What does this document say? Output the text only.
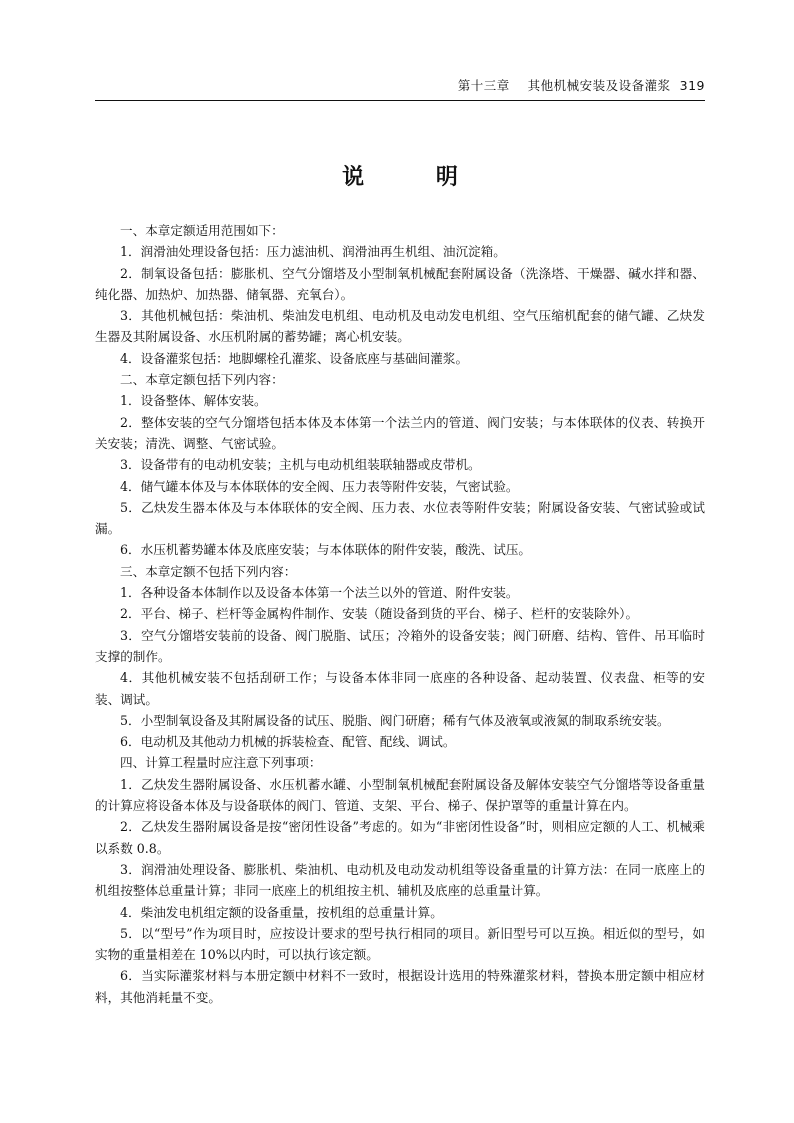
第十三章 其他机械安装及设备灌浆 319
说 明

一、本章定额适用范围如下：

1．润滑油处理设备包括：压力滤油机、润滑油再生机组、油沉淀箱。

2．制氧设备包括：膨胀机、空气分馏塔及小型制氧机械配套附属设备（洗涤塔、干燥器、碱水拌和器、纯化器、加热炉、加热器、储氧器、充氧台）。

3．其他机械包括：柴油机、柴油发电机组、电动机及电动发电机组、空气压缩机配套的储气罐、乙炔发生器及其附属设备、水压机附属的蓄势罐；离心机安装。

4．设备灌浆包括：地脚螺栓孔灌浆、设备底座与基础间灌浆。

二、本章定额包括下列内容：

1．设备整体、解体安装。

2．整体安装的空气分馏塔包括本体及本体第一个法兰内的管道、阀门安装；与本体联体的仪表、转换开关安装；清洗、调整、气密试验。

3．设备带有的电动机安装；主机与电动机组装联轴器或皮带机。

4．储气罐本体及与本体联体的安全阀、压力表等附件安装，气密试验。

5．乙炔发生器本体及与本体联体的安全阀、压力表、水位表等附件安装；附属设备安装、气密试验或试漏。

6．水压机蓄势罐本体及底座安装；与本体联体的附件安装，酸洗、试压。

三、本章定额不包括下列内容：

1．各种设备本体制作以及设备本体第一个法兰以外的管道、附件安装。

2．平台、梯子、栏杆等金属构件制作、安装（随设备到货的平台、梯子、栏杆的安装除外）。

3．空气分馏塔安装前的设备、阀门脱脂、试压；冷箱外的设备安装；阀门研磨、结构、管件、吊耳临时支撑的制作。

4．其他机械安装不包括刮研工作；与设备本体非同一底座的各种设备、起动装置、仪表盘、柜等的安装、调试。

5．小型制氧设备及其附属设备的试压、脱脂、阀门研磨；稀有气体及液氧或液氮的制取系统安装。

6．电动机及其他动力机械的拆装检查、配管、配线、调试。

四、计算工程量时应注意下列事项：

1．乙炔发生器附属设备、水压机蓄水罐、小型制氧机械配套附属设备及解体安装空气分馏塔等设备重量的计算应将设备本体及与设备联体的阀门、管道、支架、平台、梯子、保护罩等的重量计算在内。

2．乙炔发生器附属设备是按“密闭性设备”考虑的。如为“非密闭性设备”时，则相应定额的人工、机械乘以系数 0.8。

3．润滑油处理设备、膨胀机、柴油机、电动机及电动发动机组等设备重量的计算方法：在同一底座上的机组按整体总重量计算；非同一底座上的机组按主机、辅机及底座的总重量计算。

4．柴油发电机组定额的设备重量，按机组的总重量计算。

5．以“型号”作为项目时，应按设计要求的型号执行相同的项目。新旧型号可以互换。相近似的型号，如实物的重量相差在 10%以内时，可以执行该定额。

6．当实际灌浆材料与本册定额中材料不一致时，根据设计选用的特殊灌浆材料，替换本册定额中相应材料，其他消耗量不变。
